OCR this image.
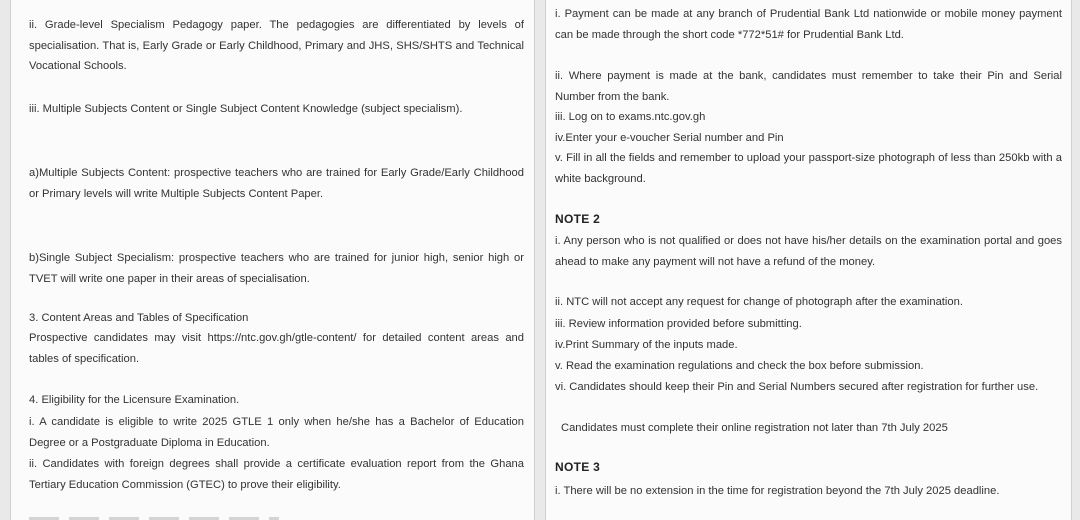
ii. Grade-level Specialism Pedagogy paper. The pedagogies are differentiated by levels of specialisation. That is, Early Grade or Early Childhood, Primary and JHS, SHS/SHTS and Technical Vocational Schools.

iii. Multiple Subjects Content or Single Subject Content Knowledge (subject specialism).

a)Multiple Subjects Content: prospective teachers who are trained for Early Grade/Early Childhood or Primary levels will write Multiple Subjects Content Paper.

b)Single Subject Specialism: prospective teachers who are trained for junior high, senior high or TVET will write one paper in their areas of specialisation.

3. Content Areas and Tables of Specification

Prospective candidates may visit https://ntc.gov.gh/gtle-content/ for detailed content areas and tables of specification.

4. Eligibility for the Licensure Examination.

i. A candidate is eligible to write 2025 GTLE 1 only when he/she has a Bachelor of Education Degree or a Postgraduate Diploma in Education.

ii. Candidates with foreign degrees shall provide a certificate evaluation report from the Ghana Tertiary Education Commission (GTEC) to prove their eligibility.

i. Payment can be made at any branch of Prudential Bank Ltd nationwide or mobile money payment can be made through the short code *772*51# for Prudential Bank Ltd.

ii. Where payment is made at the bank, candidates must remember to take their Pin and Serial Number from the bank.

iii. Log on to exams.ntc.gov.gh

iv.Enter your e-voucher Serial number and Pin

v. Fill in all the fields and remember to upload your passport-size photograph of less than 250kb with a white background.

NOTE 2

i. Any person who is not qualified or does not have his/her details on the examination portal and goes ahead to make any payment will not have a refund of the money.

ii. NTC will not accept any request for change of photograph after the examination.

iii. Review information provided before submitting.

iv.Print Summary of the inputs made.

v. Read the examination regulations and check the box before submission.

vi. Candidates should keep their Pin and Serial Numbers secured after registration for further use.

Candidates must complete their online registration not later than 7th July 2025

NOTE 3

i. There will be no extension in the time for registration beyond the 7th July 2025 deadline.
